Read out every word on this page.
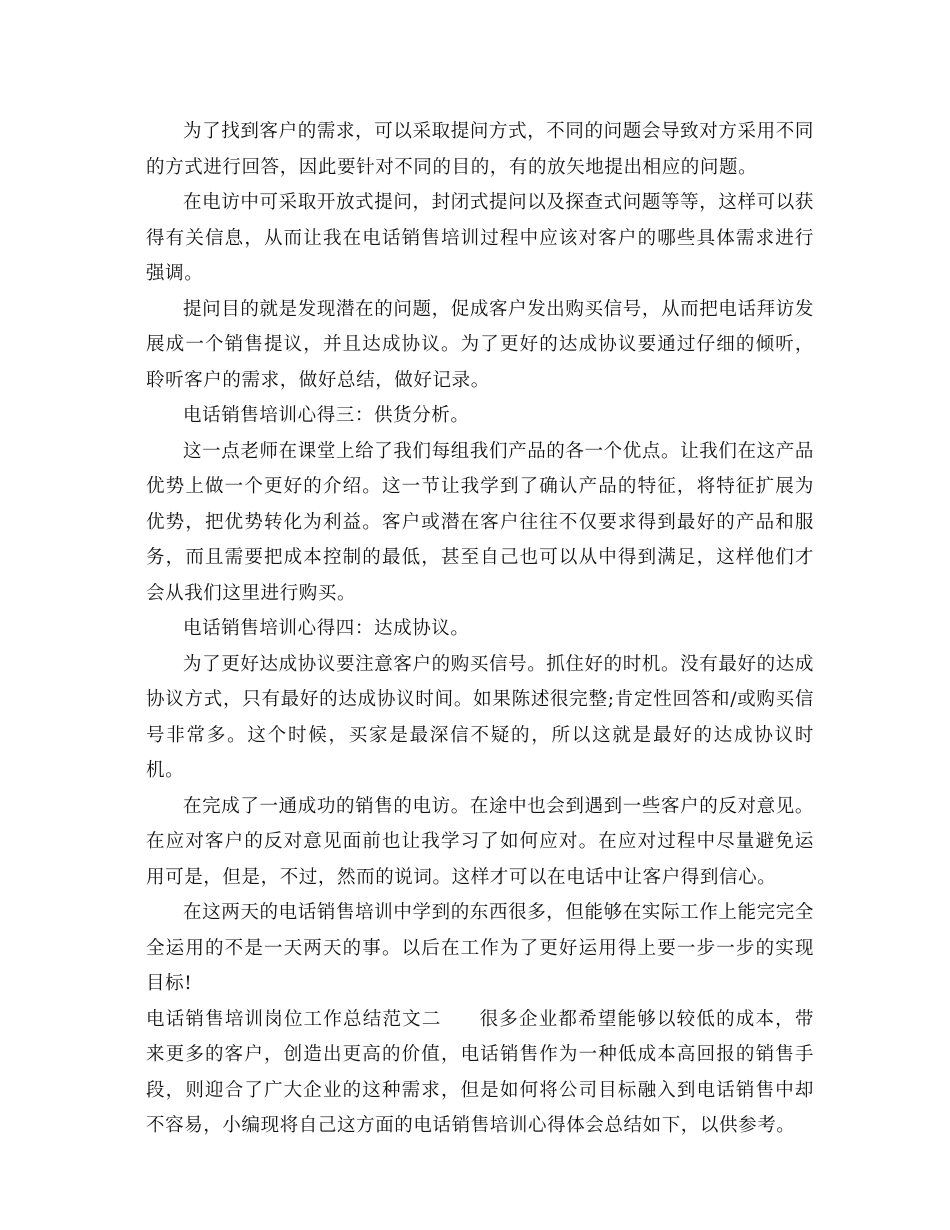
为了找到客户的需求，可以采取提问方式，不同的问题会导致对方采用不同的方式进行回答，因此要针对不同的目的，有的放矢地提出相应的问题。

在电访中可采取开放式提问，封闭式提问以及探查式问题等等，这样可以获得有关信息，从而让我在电话销售培训过程中应该对客户的哪些具体需求进行强调。

提问目的就是发现潜在的问题，促成客户发出购买信号，从而把电话拜访发展成一个销售提议，并且达成协议。为了更好的达成协议要通过仔细的倾听，聆听客户的需求，做好总结，做好记录。

电话销售培训心得三：供货分析。

这一点老师在课堂上给了我们每组我们产品的各一个优点。让我们在这产品优势上做一个更好的介绍。这一节让我学到了确认产品的特征，将特征扩展为优势，把优势转化为利益。客户或潜在客户往往不仅要求得到最好的产品和服务，而且需要把成本控制的最低，甚至自己也可以从中得到满足，这样他们才会从我们这里进行购买。

电话销售培训心得四：达成协议。

为了更好达成协议要注意客户的购买信号。抓住好的时机。没有最好的达成协议方式，只有最好的达成协议时间。如果陈述很完整;肯定性回答和/或购买信号非常多。这个时候，买家是最深信不疑的，所以这就是最好的达成协议时机。

在完成了一通成功的销售的电访。在途中也会到遇到一些客户的反对意见。在应对客户的反对意见面前也让我学习了如何应对。在应对过程中尽量避免运用可是，但是，不过，然而的说词。这样才可以在电话中让客户得到信心。

在这两天的电话销售培训中学到的东西很多，但能够在实际工作上能完完全全运用的不是一天两天的事。以后在工作为了更好运用得上要一步一步的实现目标!

电话销售培训岗位工作总结范文二 很多企业都希望能够以较低的成本，带来更多的客户，创造出更高的价值，电话销售作为一种低成本高回报的销售手段，则迎合了广大企业的这种需求，但是如何将公司目标融入到电话销售中却不容易，小编现将自己这方面的电话销售培训心得体会总结如下，以供参考。
